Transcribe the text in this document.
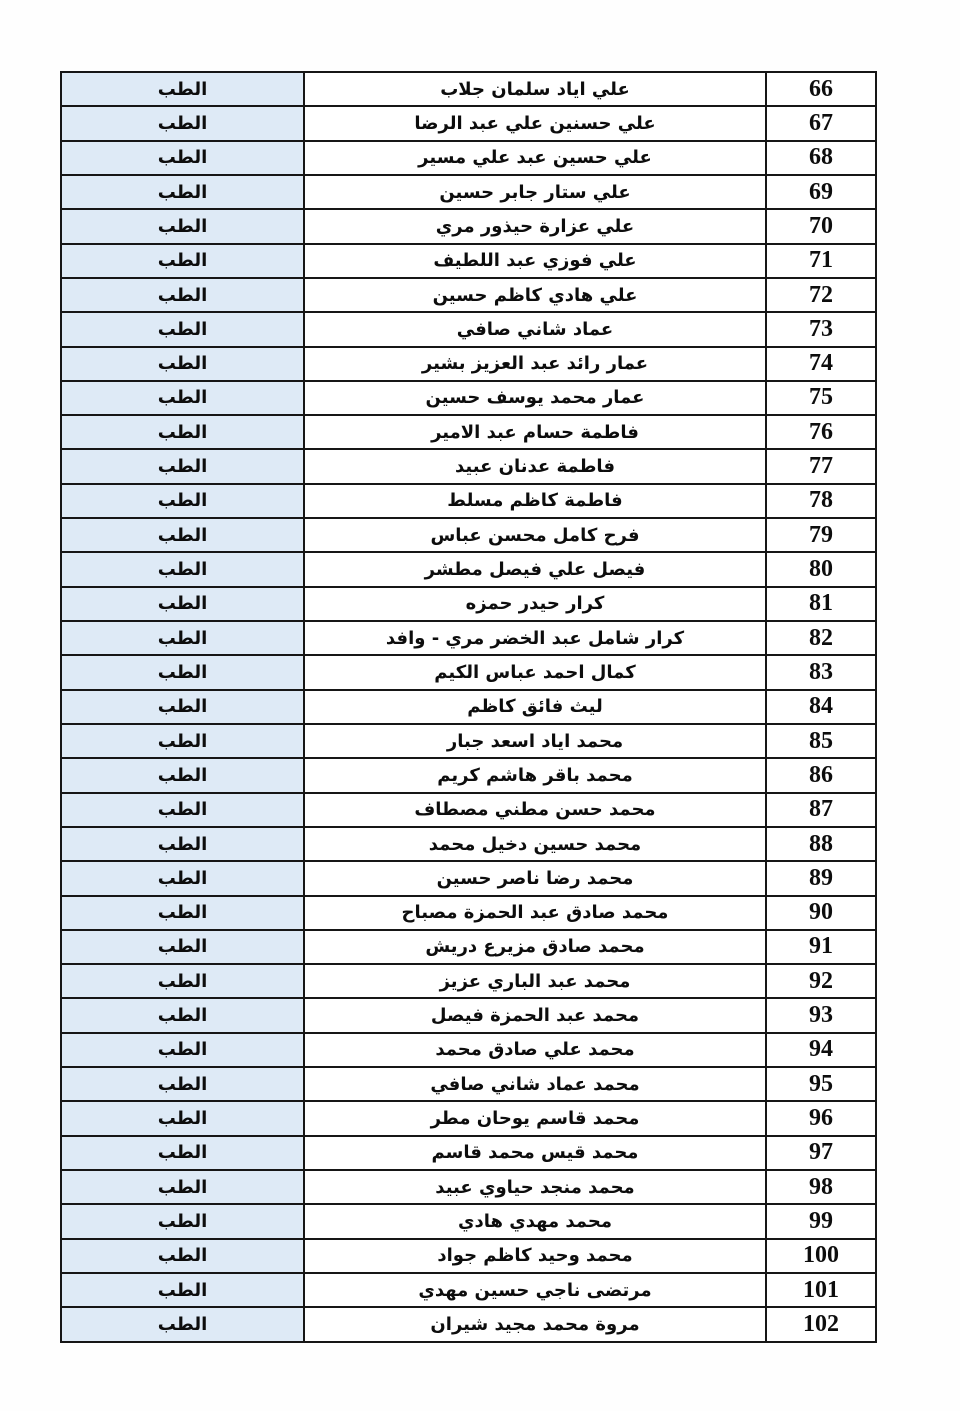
66	علي اياد سلمان جلاب	الطب
67	علي حسنين علي عبد الرضا	الطب
68	علي حسين عبد علي مسير	الطب
69	علي ستار جابر حسين	الطب
70	علي عزارة حيذور مري	الطب
71	علي فوزي عبد اللطيف	الطب
72	علي هادي كاظم حسين	الطب
73	عماد شاني صافي	الطب
74	عمار رائد عبد العزيز بشير	الطب
75	عمار محمد يوسف حسين	الطب
76	فاطمة حسام عبد الامير	الطب
77	فاطمة عدنان عبيد	الطب
78	فاطمة كاظم مسلط	الطب
79	فرح كامل محسن عباس	الطب
80	فيصل علي فيصل مطشر	الطب
81	كرار حيدر حمزه	الطب
82	كرار شامل عبد الخضر مري - وافد	الطب
83	كمال احمد عباس الكيم	الطب
84	ليث فائق كاظم	الطب
85	محمد اياد اسعد جبار	الطب
86	محمد باقر هاشم كريم	الطب
87	محمد حسن مطني مصطاف	الطب
88	محمد حسين دخيل محمد	الطب
89	محمد رضا ناصر حسين	الطب
90	محمد صادق عبد الحمزة مصباح	الطب
91	محمد صادق مزيرع دريش	الطب
92	محمد عبد الباري عزيز	الطب
93	محمد عبد الحمزة فيصل	الطب
94	محمد علي صادق محمد	الطب
95	محمد عماد شاني صافي	الطب
96	محمد قاسم يوحان مطر	الطب
97	محمد قيس محمد قاسم	الطب
98	محمد منجد حياوي عبيد	الطب
99	محمد مهدي هادي	الطب
100	محمد وحيد كاظم جواد	الطب
101	مرتضى ناجي حسين مهدي	الطب
102	مروة محمد مجيد شيران	الطب
